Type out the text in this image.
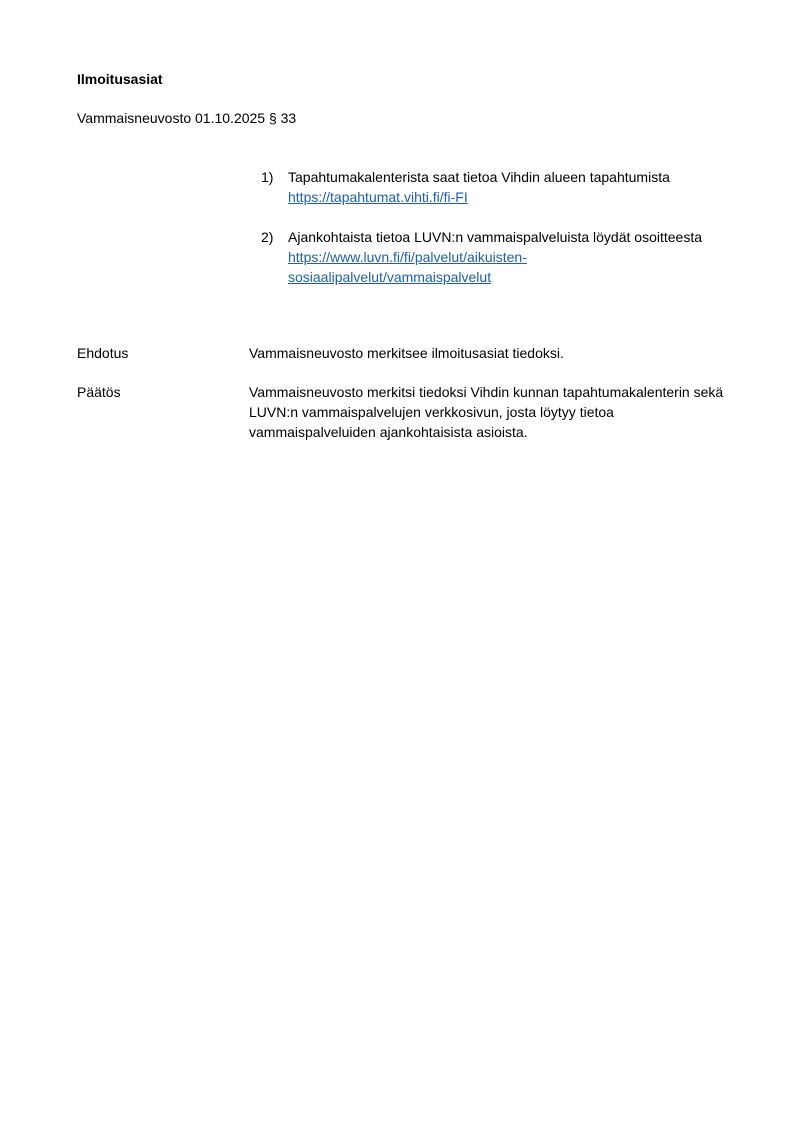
Ilmoitusasiat
Vammaisneuvosto 01.10.2025 § 33
1)	Tapahtumakalenterista saat tietoa Vihdin alueen tapahtumista https://tapahtumat.vihti.fi/fi-FI
2)	Ajankohtaista tietoa LUVN:n vammaispalveluista löydät osoitteesta https://www.luvn.fi/fi/palvelut/aikuisten-sosiaalipalvelut/vammaispalvelut
Ehdotus	Vammaisneuvosto merkitsee ilmoitusasiat tiedoksi.
Päätös	Vammaisneuvosto merkitsi tiedoksi Vihdin kunnan tapahtumakalenterin sekä LUVN:n vammaispalvelujen verkkosivun, josta löytyy tietoa vammaispalveluiden ajankohtaisista asioista.
